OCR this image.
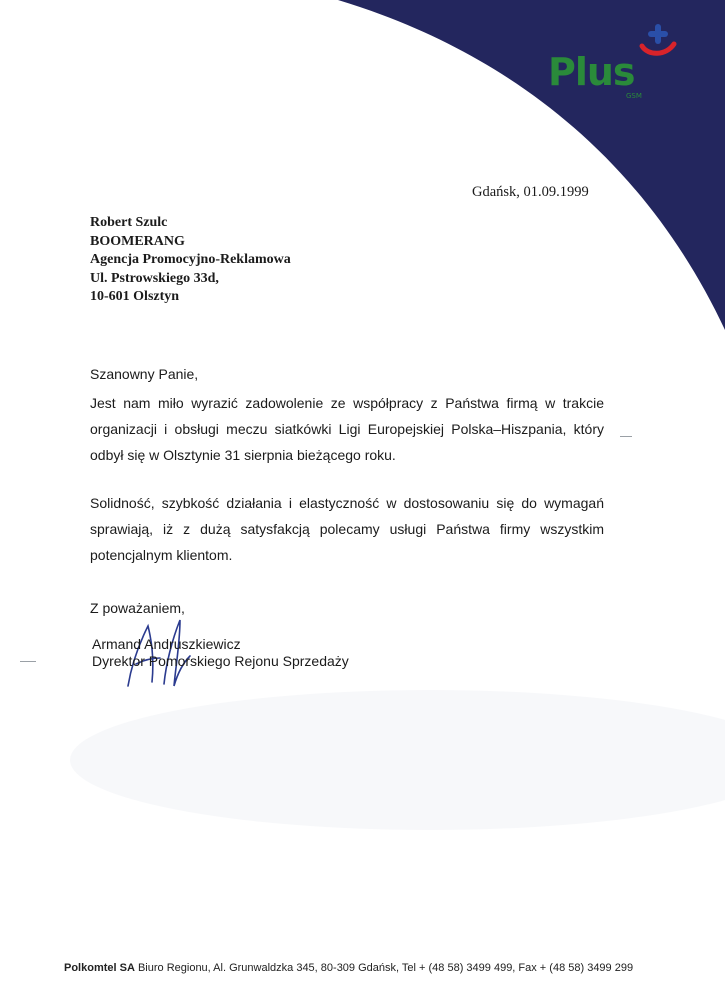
Plus
GSM
Gdańsk, 01.09.1999
Robert Szulc
BOOMERANG
Agencja Promocyjno-Reklamowa
Ul. Pstrowskiego 33d,
10-601 Olsztyn
Szanowny Panie,
Jest nam miło wyrazić zadowolenie ze współpracy z Państwa firmą w trakcie organizacji i obsługi meczu siatkówki Ligi Europejskiej Polska–Hiszpania, który odbył się w Olsztynie 31 sierpnia bieżącego roku.
Solidność, szybkość działania i elastyczność w dostosowaniu się do wymagań sprawiają, iż z dużą satysfakcją polecamy usługi Państwa firmy wszystkim potencjalnym klientom.
Z poważaniem,
Armand Andruszkiewicz
Dyrektor Pomorskiego Rejonu Sprzedaży
Polkomtel SA Biuro Regionu, Al. Grunwaldzka 345, 80-309 Gdańsk, Tel + (48 58) 3499 499, Fax + (48 58) 3499 299
